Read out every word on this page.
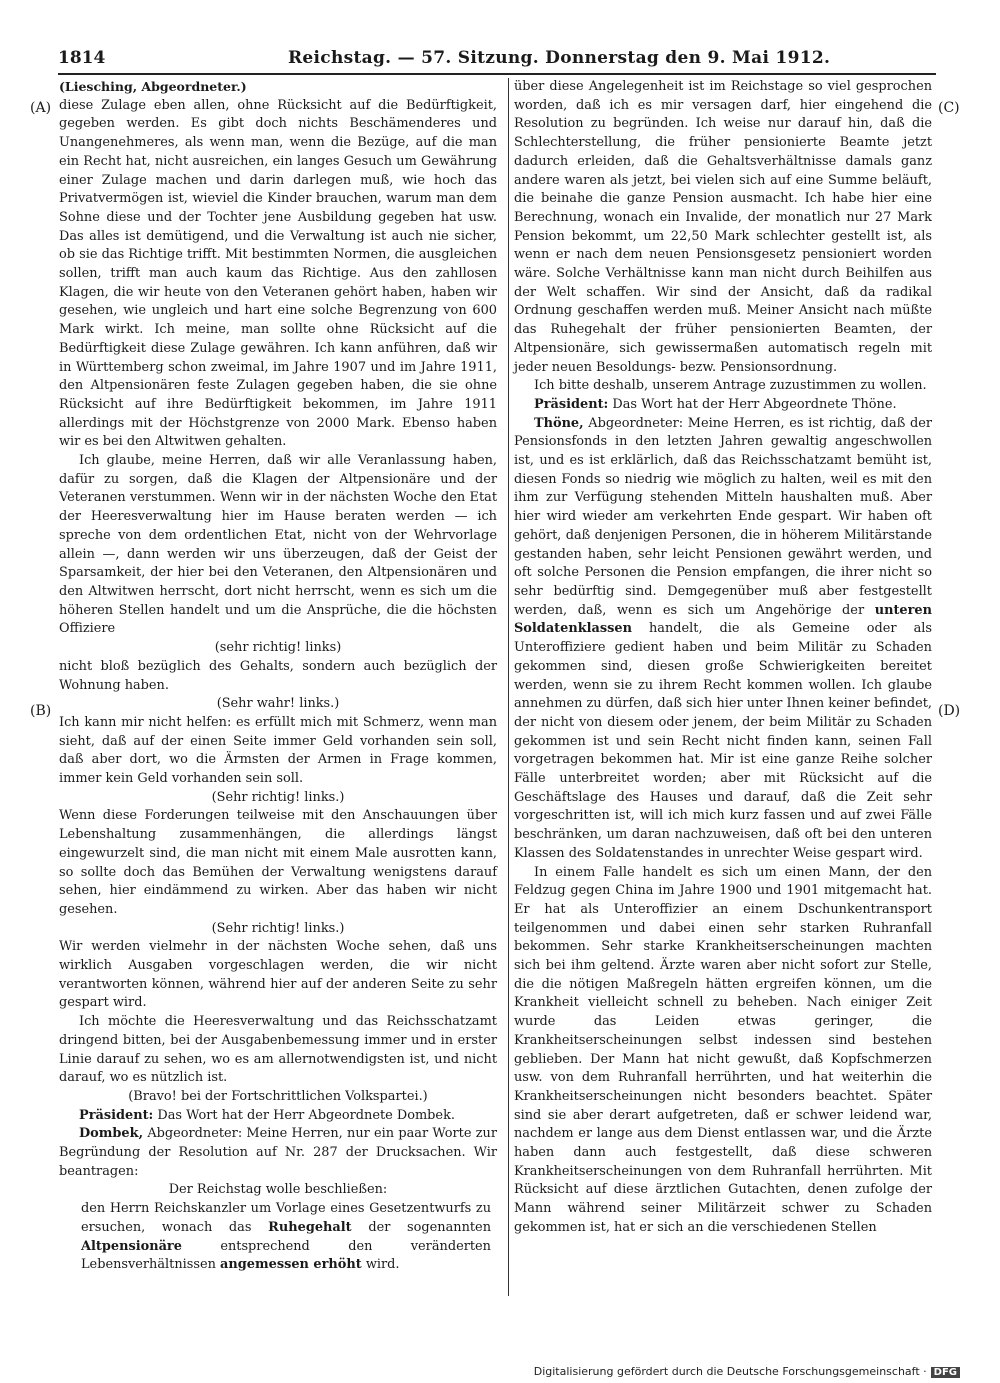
1814	Reichstag. — 57. Sitzung. Donnerstag den 9. Mai 1912.
(A)
(B)
(C)
(D)

(Liesching, Abgeordneter.)

diese Zulage eben allen, ohne Rücksicht auf die Bedürftigkeit, gegeben werden. Es gibt doch nichts Beschämenderes und Unangenehmeres, als wenn man, wenn die Bezüge, auf die man ein Recht hat, nicht ausreichen, ein langes Gesuch um Gewährung einer Zulage machen und darin darlegen muß, wie hoch das Privatvermögen ist, wieviel die Kinder brauchen, warum man dem Sohne diese und der Tochter jene Ausbildung gegeben hat usw. Das alles ist demütigend, und die Verwaltung ist auch nie sicher, ob sie das Richtige trifft. Mit bestimmten Normen, die ausgleichen sollen, trifft man auch kaum das Richtige. Aus den zahllosen Klagen, die wir heute von den Veteranen gehört haben, haben wir gesehen, wie ungleich und hart eine solche Begrenzung von 600 Mark wirkt. Ich meine, man sollte ohne Rücksicht auf die Bedürftigkeit diese Zulage gewähren. Ich kann anführen, daß wir in Württemberg schon zweimal, im Jahre 1907 und im Jahre 1911, den Altpensionären feste Zulagen gegeben haben, die sie ohne Rücksicht auf ihre Bedürftigkeit bekommen, im Jahre 1911 allerdings mit der Höchstgrenze von 2000 Mark. Ebenso haben wir es bei den Altwitwen gehalten.

Ich glaube, meine Herren, daß wir alle Veranlassung haben, dafür zu sorgen, daß die Klagen der Altpensionäre und der Veteranen verstummen. Wenn wir in der nächsten Woche den Etat der Heeresverwaltung hier im Hause beraten werden — ich spreche von dem ordentlichen Etat, nicht von der Wehrvorlage allein —, dann werden wir uns überzeugen, daß der Geist der Sparsamkeit, der hier bei den Veteranen, den Altpensionären und den Altwitwen herrscht, dort nicht herrscht, wenn es sich um die höheren Stellen handelt und um die Ansprüche, die die höchsten Offiziere

(sehr richtig! links)

nicht bloß bezüglich des Gehalts, sondern auch bezüglich der Wohnung haben.

(Sehr wahr! links.)

Ich kann mir nicht helfen: es erfüllt mich mit Schmerz, wenn man sieht, daß auf der einen Seite immer Geld vorhanden sein soll, daß aber dort, wo die Ärmsten der Armen in Frage kommen, immer kein Geld vorhanden sein soll.

(Sehr richtig! links.)

Wenn diese Forderungen teilweise mit den Anschauungen über Lebenshaltung zusammenhängen, die allerdings längst eingewurzelt sind, die man nicht mit einem Male ausrotten kann, so sollte doch das Bemühen der Verwaltung wenigstens darauf sehen, hier eindämmend zu wirken. Aber das haben wir nicht gesehen.

(Sehr richtig! links.)

Wir werden vielmehr in der nächsten Woche sehen, daß uns wirklich Ausgaben vorgeschlagen werden, die wir nicht verantworten können, während hier auf der anderen Seite zu sehr gespart wird.

Ich möchte die Heeresverwaltung und das Reichsschatzamt dringend bitten, bei der Ausgabenbemessung immer und in erster Linie darauf zu sehen, wo es am allernotwendigsten ist, und nicht darauf, wo es nützlich ist.

(Bravo! bei der Fortschrittlichen Volkspartei.)

Präsident: Das Wort hat der Herr Abgeordnete Dombek.

Dombek, Abgeordneter: Meine Herren, nur ein paar Worte zur Begründung der Resolution auf Nr. 287 der Drucksachen. Wir beantragen:

Der Reichstag wolle beschließen:

den Herrn Reichskanzler um Vorlage eines Gesetzentwurfs zu ersuchen, wonach das Ruhegehalt der sogenannten Altpensionäre	entsprechend den veränderten Lebensverhältnissen angemessen erhöht wird.

über diese Angelegenheit ist im Reichstage so viel gesprochen worden, daß ich es mir versagen darf, hier eingehend die Resolution zu begründen. Ich weise nur darauf hin, daß die Schlechterstellung, die früher pensionierte Beamte jetzt dadurch erleiden, daß die Gehaltsverhältnisse damals ganz andere waren als jetzt, bei vielen sich auf eine Summe beläuft, die beinahe die ganze Pension ausmacht. Ich habe hier eine Berechnung, wonach ein Invalide, der monatlich nur 27 Mark Pension bekommt, um 22,50 Mark schlechter gestellt ist, als wenn er nach dem neuen Pensionsgesetz pensioniert worden wäre. Solche Verhältnisse kann man nicht durch Beihilfen aus der Welt schaffen. Wir sind der Ansicht, daß da radikal Ordnung geschaffen werden muß. Meiner Ansicht nach müßte das Ruhegehalt der früher pensionierten Beamten, der Altpensionäre, sich gewissermaßen automatisch regeln mit jeder neuen Besoldungs- bezw. Pensionsordnung.

Ich bitte deshalb, unserem Antrage zuzustimmen zu wollen.

Präsident: Das Wort hat der Herr Abgeordnete Thöne.

Thöne, Abgeordneter: Meine Herren, es ist richtig, daß der Pensionsfonds in den letzten Jahren gewaltig angeschwollen ist, und es ist erklärlich, daß das Reichsschatzamt bemüht ist, diesen Fonds so niedrig wie möglich zu halten, weil es mit den ihm zur Verfügung stehenden Mitteln haushalten muß. Aber hier wird wieder am verkehrten Ende gespart. Wir haben oft gehört, daß denjenigen Personen, die in höherem Militärstande gestanden haben, sehr leicht Pensionen gewährt werden, und oft solche Personen die Pension empfangen, die ihrer nicht so sehr bedürftig sind. Demgegenüber muß aber festgestellt werden, daß, wenn es sich um Angehörige der unteren Soldatenklassen handelt, die als Gemeine oder als Unteroffiziere gedient haben und beim Militär zu Schaden gekommen sind, diesen große Schwierigkeiten bereitet werden, wenn sie zu ihrem Recht kommen wollen. Ich glaube annehmen zu dürfen, daß sich hier unter Ihnen keiner befindet, der nicht von diesem oder jenem, der beim Militär zu Schaden gekommen ist und sein Recht nicht finden kann, seinen Fall vorgetragen bekommen hat. Mir ist eine ganze Reihe solcher Fälle unterbreitet worden; aber mit Rücksicht auf die Geschäftslage des Hauses und darauf, daß die Zeit sehr vorgeschritten ist, will ich mich kurz fassen und auf zwei Fälle beschränken, um daran nachzuweisen, daß oft bei den unteren Klassen des Soldatenstandes in unrechter Weise gespart wird.

In einem Falle handelt es sich um einen Mann, der den Feldzug gegen China im Jahre 1900 und 1901 mitgemacht hat. Er hat als Unteroffizier an einem Dschunkentransport teilgenommen und dabei einen sehr starken Ruhranfall bekommen. Sehr starke Krankheitserscheinungen machten sich bei ihm geltend. Ärzte waren aber nicht sofort zur Stelle, die die nötigen Maßregeln hätten ergreifen können, um die Krankheit vielleicht schnell zu beheben. Nach einiger Zeit wurde das Leiden etwas geringer, die Krankheitserscheinungen selbst indessen sind bestehen geblieben. Der Mann hat nicht gewußt, daß Kopfschmerzen usw. von dem Ruhranfall herrührten, und hat weiterhin die Krankheitserscheinungen nicht besonders beachtet. Später sind sie aber derart aufgetreten, daß er schwer leidend war, nachdem er lange aus dem Dienst entlassen war, und die Ärzte haben dann auch festgestellt, daß diese schweren Krankheitserscheinungen von dem Ruhranfall herrührten. Mit Rücksicht auf diese ärztlichen Gutachten, denen zufolge der Mann während seiner Militärzeit schwer zu Schaden gekommen ist, hat er sich an die verschiedenen Stellen

Digitalisierung gefördert durch die Deutsche Forschungsgemeinschaft · DFG
